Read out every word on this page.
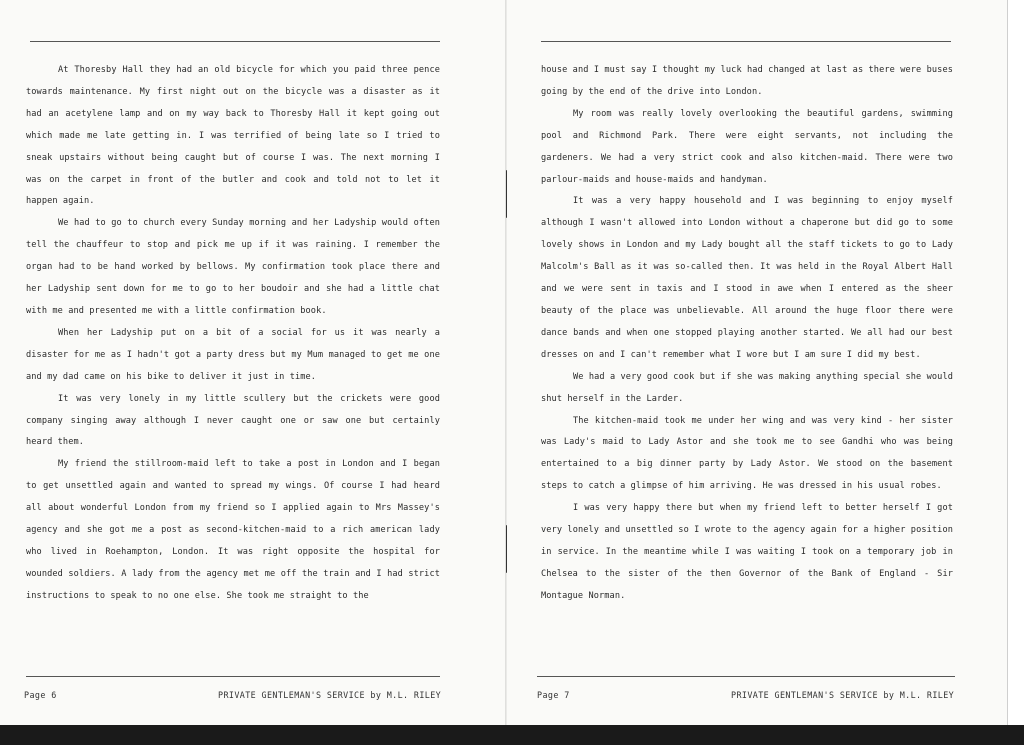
At Thoresby Hall they had an old bicycle for which you paid three pence towards maintenance. My first night out on the bicycle was a disaster as it had an acetylene lamp and on my way back to Thoresby Hall it kept going out which made me late getting in. I was terrified of being late so I tried to sneak upstairs without being caught but of course I was. The next morning I was on the carpet in front of the butler and cook and told not to let it happen again.

We had to go to church every Sunday morning and her Ladyship would often tell the chauffeur to stop and pick me up if it was raining. I remember the organ had to be hand worked by bellows. My confirmation took place there and her Ladyship sent down for me to go to her boudoir and she had a little chat with me and presented me with a little confirmation book.

When her Ladyship put on a bit of a social for us it was nearly a disaster for me as I hadn't got a party dress but my Mum managed to get me one and my dad came on his bike to deliver it just in time.

It was very lonely in my little scullery but the crickets were good company singing away although I never caught one or saw one but certainly heard them.

My friend the stillroom-maid left to take a post in London and I began to get unsettled again and wanted to spread my wings. Of course I had heard all about wonderful London from my friend so I applied again to Mrs Massey's agency and she got me a post as second-kitchen-maid to a rich american lady who lived in Roehampton, London. It was right opposite the hospital for wounded soldiers. A lady from the agency met me off the train and I had strict instructions to speak to no one else. She took me straight to the

Page 6	PRIVATE GENTLEMAN'S SERVICE by M.L. RILEY

house and I must say I thought my luck had changed at last as there were buses going by the end of the drive into London.

My room was really lovely overlooking the beautiful gardens, swimming pool and Richmond Park. There were eight servants, not including the gardeners. We had a very strict cook and also kitchen-maid. There were two parlour-maids and house-maids and handyman.

It was a very happy household and I was beginning to enjoy myself although I wasn't allowed into London without a chaperone but did go to some lovely shows in London and my Lady bought all the staff tickets to go to Lady Malcolm's Ball as it was so-called then. It was held in the Royal Albert Hall and we were sent in taxis and I stood in awe when I entered as the sheer beauty of the place was unbelievable. All around the huge floor there were dance bands and when one stopped playing another started. We all had our best dresses on and I can't remember what I wore but I am sure I did my best.

We had a very good cook but if she was making anything special she would shut herself in the Larder.

The kitchen-maid took me under her wing and was very kind - her sister was Lady's maid to Lady Astor and she took me to see Gandhi who was being entertained to a big dinner party by Lady Astor. We stood on the basement steps to catch a glimpse of him arriving. He was dressed in his usual robes.

I was very happy there but when my friend left to better herself I got very lonely and unsettled so I wrote to the agency again for a higher position in service. In the meantime while I was waiting I took on a temporary job in Chelsea to the sister of the then Governor of the Bank of England - Sir Montague Norman.

Page 7	PRIVATE GENTLEMAN'S SERVICE by M.L. RILEY
